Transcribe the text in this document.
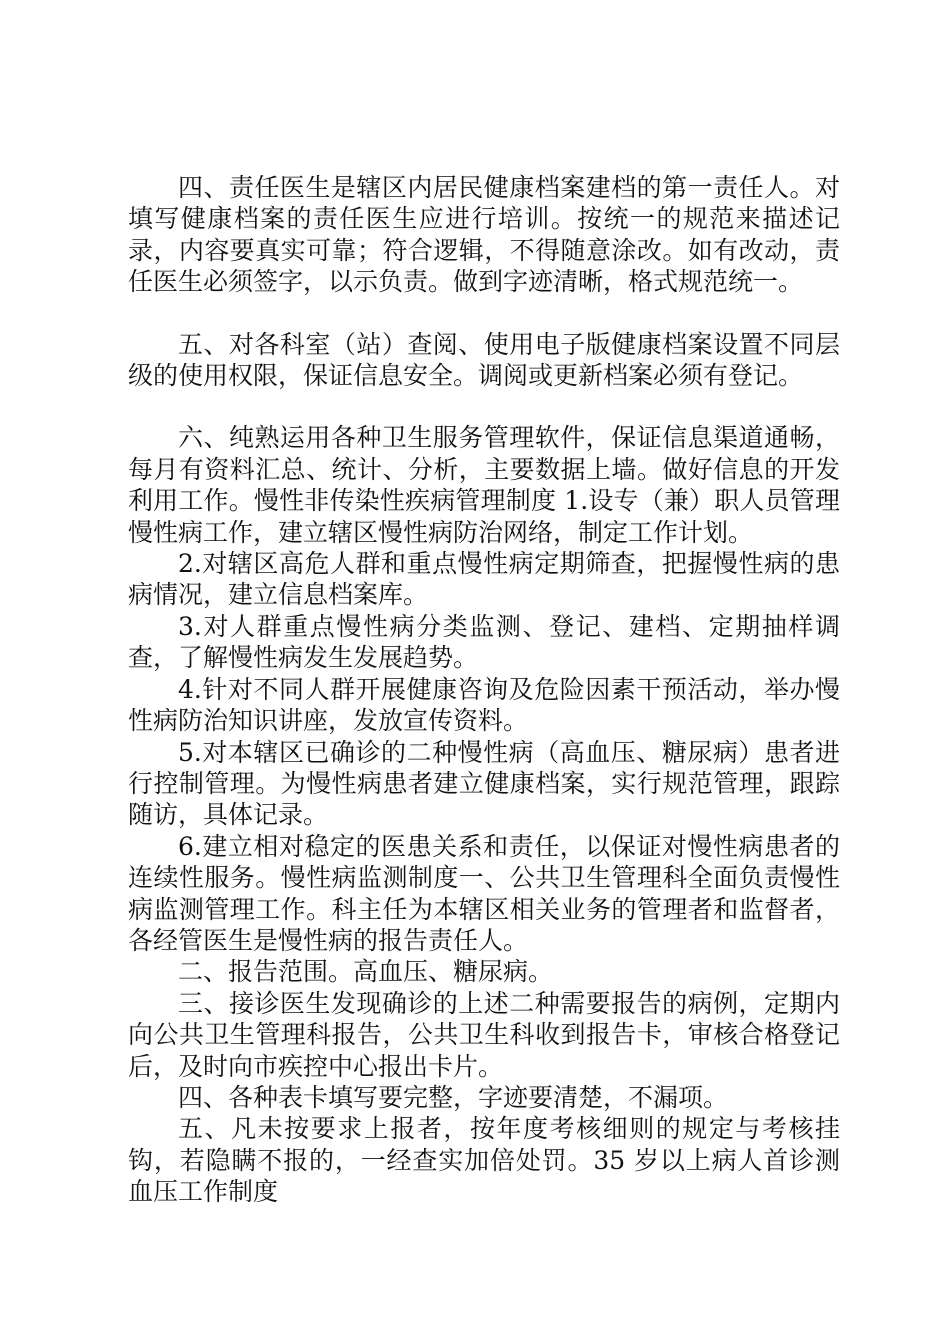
四、责任医生是辖区内居民健康档案建档的第一责任人。对填写健康档案的责任医生应进行培训。按统一的规范来描述记录，内容要真实可靠；符合逻辑，不得随意涂改。如有改动，责任医生必须签字，以示负责。做到字迹清晰，格式规范统一。

五、对各科室（站）查阅、使用电子版健康档案设置不同层级的使用权限，保证信息安全。调阅或更新档案必须有登记。

六、纯熟运用各种卫生服务管理软件，保证信息渠道通畅，每月有资料汇总、统计、分析，主要数据上墙。做好信息的开发利用工作。慢性非传染性疾病管理制度 1.设专（兼）职人员管理慢性病工作，建立辖区慢性病防治网络，制定工作计划。

2.对辖区高危人群和重点慢性病定期筛查，把握慢性病的患病情况，建立信息档案库。

3.对人群重点慢性病分类监测、登记、建档、定期抽样调查，了解慢性病发生发展趋势。

4.针对不同人群开展健康咨询及危险因素干预活动，举办慢性病防治知识讲座，发放宣传资料。

5.对本辖区已确诊的二种慢性病（高血压、糖尿病）患者进行控制管理。为慢性病患者建立健康档案，实行规范管理，跟踪随访，具体记录。

6.建立相对稳定的医患关系和责任，以保证对慢性病患者的连续性服务。慢性病监测制度一、公共卫生管理科全面负责慢性病监测管理工作。科主任为本辖区相关业务的管理者和监督者，各经管医生是慢性病的报告责任人。

二、报告范围。高血压、糖尿病。

三、接诊医生发现确诊的上述二种需要报告的病例，定期内向公共卫生管理科报告，公共卫生科收到报告卡，审核合格登记后，及时向市疾控中心报出卡片。

四、各种表卡填写要完整，字迹要清楚，不漏项。

五、凡未按要求上报者，按年度考核细则的规定与考核挂钩，若隐瞒不报的，一经查实加倍处罚。35 岁以上病人首诊测血压工作制度
